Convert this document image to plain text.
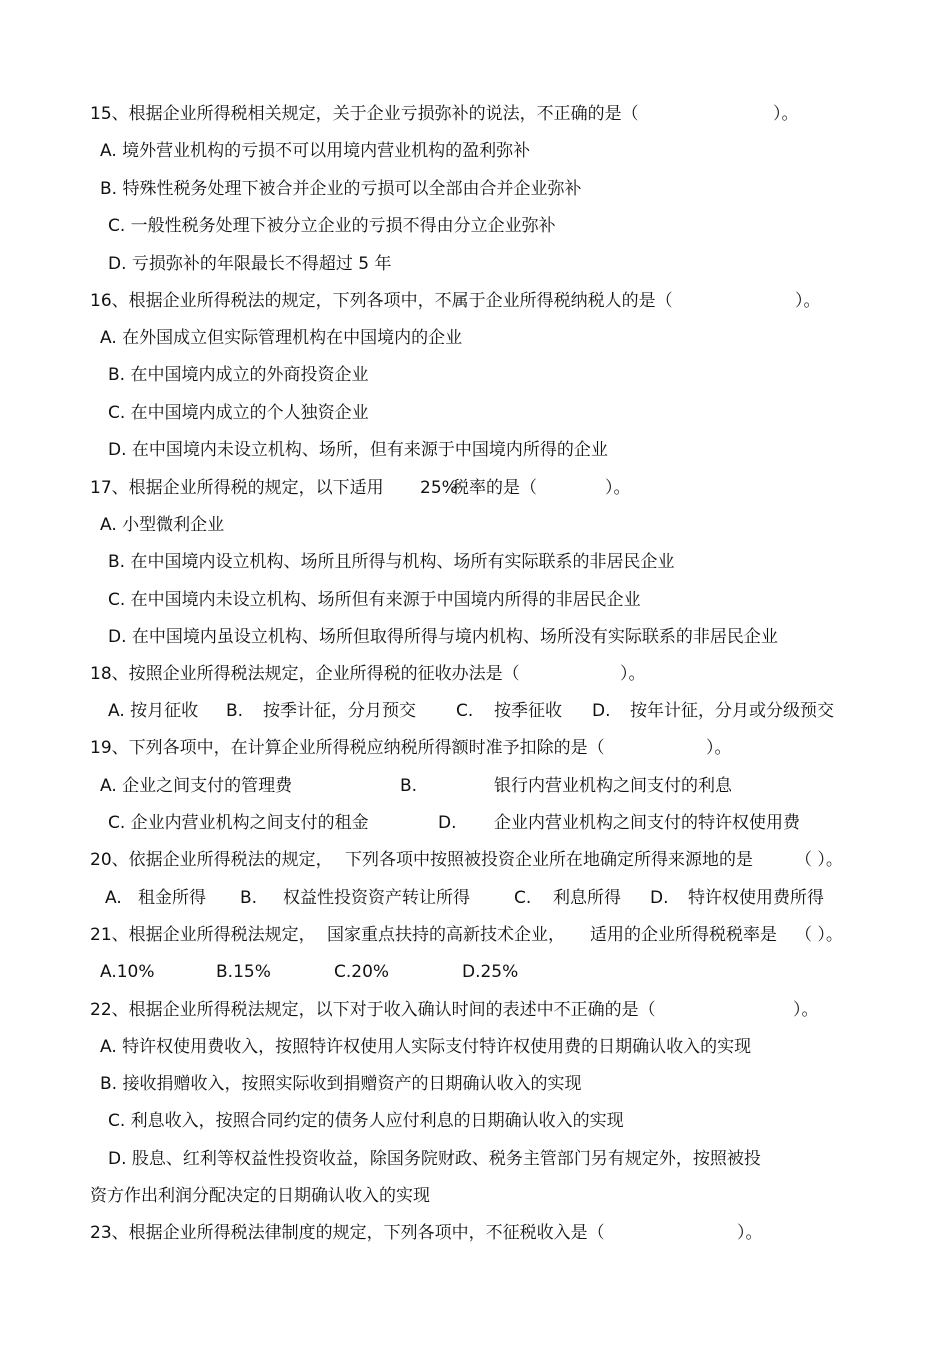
15、根据企业所得税相关规定，关于企业亏损弥补的说法，不正确的是（	）。
A. 境外营业机构的亏损不可以用境内营业机构的盈利弥补
B. 特殊性税务处理下被合并企业的亏损可以全部由合并企业弥补
C. 一般性税务处理下被分立企业的亏损不得由分立企业弥补
D. 亏损弥补的年限最长不得超过 5 年
16、根据企业所得税法的规定，下列各项中，不属于企业所得税纳税人的是（	）。
A. 在外国成立但实际管理机构在中国境内的企业
B. 在中国境内成立的外商投资企业
C. 在中国境内成立的个人独资企业
D. 在中国境内未设立机构、场所，但有来源于中国境内所得的企业
17、根据企业所得税的规定，以下适用 25%
税率的是（	）。
A. 小型微利企业
B. 在中国境内设立机构、场所且所得与机构、场所有实际联系的非居民企业
C. 在中国境内未设立机构、场所但有来源于中国境内所得的非居民企业
D. 在中国境内虽设立机构、场所但取得所得与境内机构、场所没有实际联系的非居民企业
18、按照企业所得税法规定，企业所得税的征收办法是（	）。
A. 按月征收 B. 按季计征，分月预交 C. 按季征收 D. 按年计征，分月或分级预交
19、下列各项中，在计算企业所得税应纳税所得额时准予扣除的是（	）。
A. 企业之间支付的管理费	B.	银行内营业机构之间支付的利息
C. 企业内营业机构之间支付的租金	D. 企业内营业机构之间支付的特许权使用费
20、依据企业所得税法的规定， 下列各项中按照被投资企业所在地确定所得来源地的是 （ ）。
A. 租金所得 B. 权益性投资资产转让所得	C. 利息所得 D. 特许权使用费所得
21、根据企业所得税法规定， 国家重点扶持的高新技术企业， 适用的企业所得税税率是 （ ）。
A.10%	B.15%	C.20%	D.25%
22、根据企业所得税法规定，以下对于收入确认时间的表述中不正确的是（	）。
A. 特许权使用费收入，按照特许权使用人实际支付特许权使用费的日期确认收入的实现
B. 接收捐赠收入，按照实际收到捐赠资产的日期确认收入的实现
C. 利息收入，按照合同约定的债务人应付利息的日期确认收入的实现
D. 股息、红利等权益性投资收益，除国务院财政、税务主管部门另有规定外，按照被投
资方作出利润分配决定的日期确认收入的实现
23、根据企业所得税法律制度的规定，下列各项中，不征税收入是（	）。
